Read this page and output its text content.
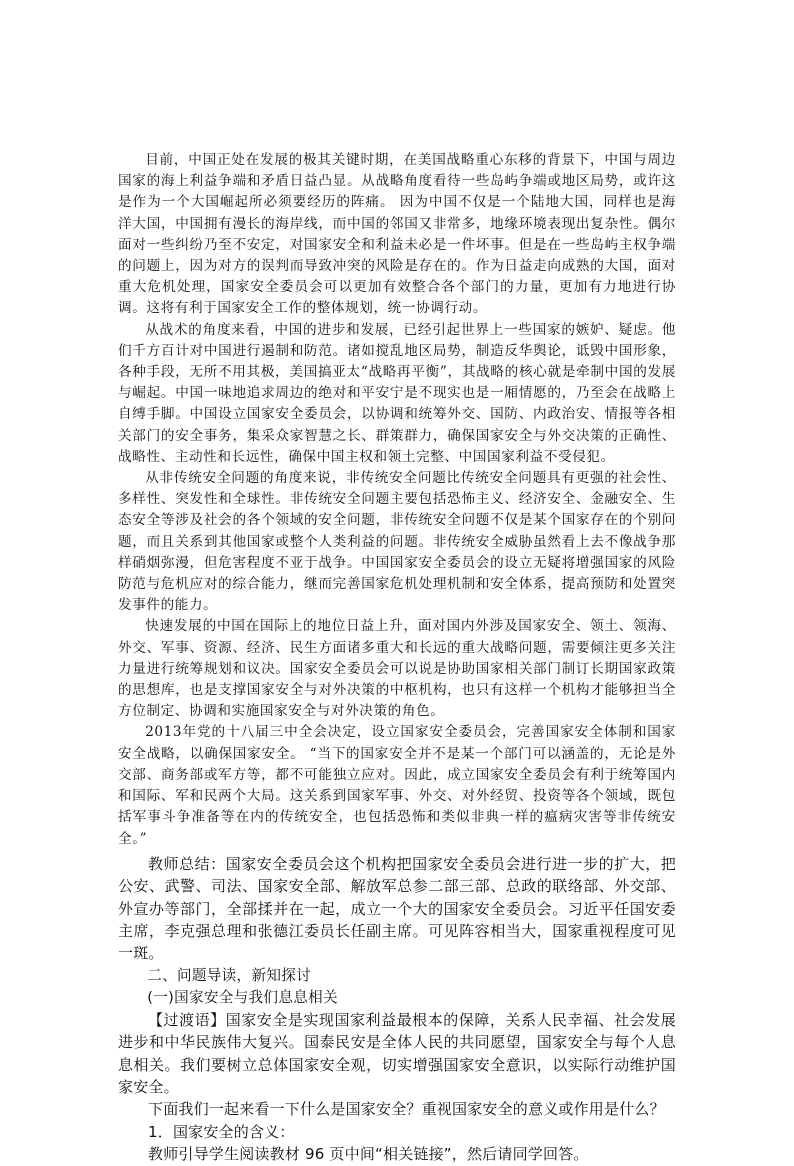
目前，中国正处在发展的极其关键时期，在美国战略重心东移的背景下，中国与周边国家的海上利益争端和矛盾日益凸显。从战略角度看待一些岛屿争端或地区局势，或许这是作为一个大国崛起所必须要经历的阵痛。 因为中国不仅是一个陆地大国，同样也是海洋大国，中国拥有漫长的海岸线，而中国的邻国又非常多，地缘环境表现出复杂性。偶尔面对一些纠纷乃至不安定，对国家安全和利益未必是一件坏事。但是在一些岛屿主权争端的问题上，因为对方的误判而导致冲突的风险是存在的。作为日益走向成熟的大国，面对重大危机处理，国家安全委员会可以更加有效整合各个部门的力量，更加有力地进行协调。这将有利于国家安全工作的整体规划，统一协调行动。

从战术的角度来看，中国的进步和发展，已经引起世界上一些国家的嫉妒、疑虑。他们千方百计对中国进行遏制和防范。诸如搅乱地区局势，制造反华舆论，诋毁中国形象，各种手段，无所不用其极，美国搞亚太“战略再平衡”，其战略的核心就是牵制中国的发展与崛起。中国一味地追求周边的绝对和平安宁是不现实也是一厢情愿的，乃至会在战略上自缚手脚。中国设立国家安全委员会，以协调和统筹外交、国防、内政治安、情报等各相关部门的安全事务，集采众家智慧之长、群策群力，确保国家安全与外交决策的正确性、战略性、主动性和长远性，确保中国主权和领土完整、中国国家利益不受侵犯。

从非传统安全问题的角度来说，非传统安全问题比传统安全问题具有更强的社会性、多样性、突发性和全球性。非传统安全问题主要包括恐怖主义、经济安全、金融安全、生态安全等涉及社会的各个领域的安全问题，非传统安全问题不仅是某个国家存在的个别问题，而且关系到其他国家或整个人类利益的问题。非传统安全威胁虽然看上去不像战争那样硝烟弥漫，但危害程度不亚于战争。中国国家安全委员会的设立无疑将增强国家的风险防范与危机应对的综合能力，继而完善国家危机处理机制和安全体系，提高预防和处置突发事件的能力。

快速发展的中国在国际上的地位日益上升，面对国内外涉及国家安全、领土、领海、外交、军事、资源、经济、民生方面诸多重大和长远的重大战略问题，需要倾注更多关注力量进行统筹规划和议决。国家安全委员会可以说是协助国家相关部门制订长期国家政策的思想库，也是支撑国家安全与对外决策的中枢机构，也只有这样一个机构才能够担当全方位制定、协调和实施国家安全与对外决策的角色。

2013年党的十八届三中全会决定，设立国家安全委员会，完善国家安全体制和国家安全战略，以确保国家安全。 “当下的国家安全并不是某一个部门可以涵盖的，无论是外交部、商务部或军方等，都不可能独立应对。因此，成立国家安全委员会有利于统筹国内和国际、军和民两个大局。这关系到国家军事、外交、对外经贸、投资等各个领域，既包括军事斗争准备等在内的传统安全，也包括恐怖和类似非典一样的瘟病灾害等非传统安全。”

教师总结：国家安全委员会这个机构把国家安全委员会进行进一步的扩大，把公安、武警、司法、国家安全部、解放军总参二部三部、总政的联络部、外交部、外宣办等部门，全部揉并在一起，成立一个大的国家安全委员会。习近平任国安委主席，李克强总理和张德江委员长任副主席。可见阵容相当大，国家重视程度可见一斑。

二、问题导读，新知探讨

(一)国家安全与我们息息相关

【过渡语】国家安全是实现国家利益最根本的保障，关系人民幸福、社会发展进步和中华民族伟大复兴。国泰民安是全体人民的共同愿望，国家安全与每个人息息相关。我们要树立总体国家安全观，切实增强国家安全意识，以实际行动维护国家安全。

下面我们一起来看一下什么是国家安全？重视国家安全的意义或作用是什么？

1．国家安全的含义：

教师引导学生阅读教材 96 页中间“相关链接”，然后请同学回答。
